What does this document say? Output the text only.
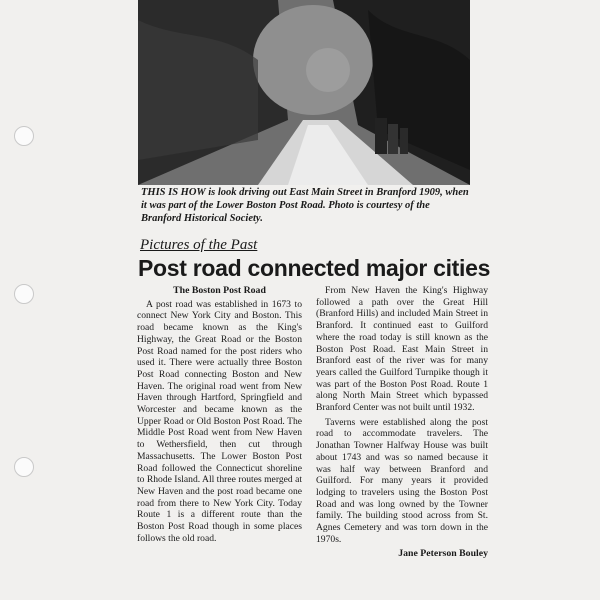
THIS IS HOW is look driving out East Main Street in Branford 1909, when it was part of the Lower Boston Post Road. Photo is courtesy of the Branford Historical Society.

Pictures of the Past

Post road connected major cities
The Boston Post Road

A post road was established in 1673 to connect New York City and Boston. This road became known as the King's Highway, the Great Road or the Boston Post Road named for the post riders who used it. There were actually three Boston Post Road connecting Boston and New Haven. The original road went from New Haven through Hartford, Springfield and Worcester and became known as the Upper Road or Old Boston Post Road. The Middle Post Road went from New Haven to Wethersfield, then cut through Massachusetts. The Lower Boston Post Road followed the Connecticut shoreline to Rhode Island. All three routes merged at New Haven and the post road became one road from there to New York City. Today Route 1 is a different route than the Boston Post Road though in some places follows the old road.

From New Haven the King's Highway followed a path over the Great Hill (Branford Hills) and included Main Street in Branford. It continued east to Guilford where the road today is still known as the Boston Post Road. East Main Street in Branford east of the river was for many years called the Guilford Turnpike though it was part of the Boston Post Road. Route 1 along North Main Street which bypassed Branford Center was not built until 1932.

Taverns were established along the post road to accommodate travelers. The Jonathan Towner Halfway House was built about 1743 and was so named because it was half way between Branford and Guilford. For many years it provided lodging to travelers using the Boston Post Road and was long owned by the Towner family. The building stood across from St. Agnes Cemetery and was torn down in the 1970s.

Jane Peterson Bouley
